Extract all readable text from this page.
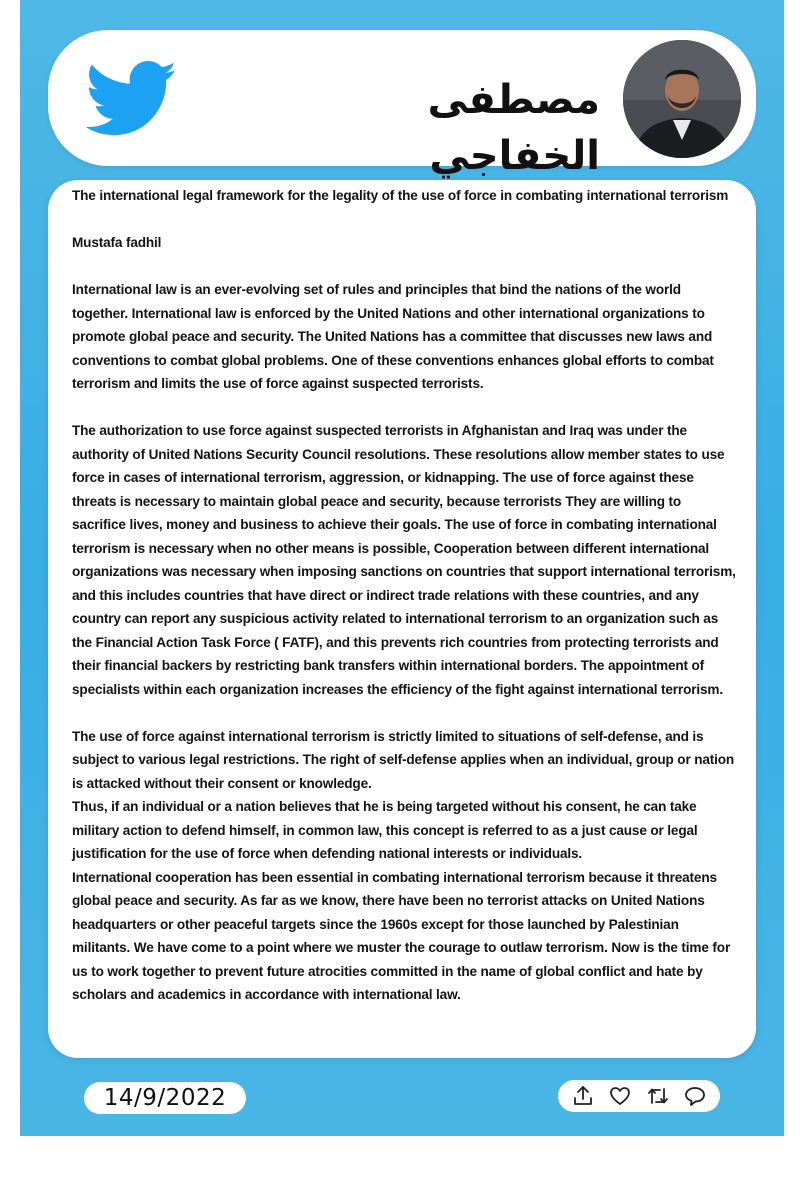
مصطفى الخفاجي

The international legal framework for the legality of the use of force in combating international terrorism

Mustafa fadhil

International law is an ever-evolving set of rules and principles that bind the nations of the world together. International law is enforced by the United Nations and other international organizations to promote global peace and security. The United Nations has a committee that discusses new laws and conventions to combat global problems. One of these conventions enhances global efforts to combat terrorism and limits the use of force against suspected terrorists.

The authorization to use force against suspected terrorists in Afghanistan and Iraq was under the authority of United Nations Security Council resolutions. These resolutions allow member states to use force in cases of international terrorism, aggression, or kidnapping. The use of force against these threats is necessary to maintain global peace and security, because terrorists They are willing to sacrifice lives, money and business to achieve their goals. The use of force in combating international terrorism is necessary when no other means is possible, Cooperation between different international organizations was necessary when imposing sanctions on countries that support international terrorism, and this includes countries that have direct or indirect trade relations with these countries, and any country can report any suspicious activity related to international terrorism to an organization such as the Financial Action Task Force ( FATF), and this prevents rich countries from protecting terrorists and their financial backers by restricting bank transfers within international borders. The appointment of specialists within each organization increases the efficiency of the fight against international terrorism.

The use of force against international terrorism is strictly limited to situations of self-defense, and is subject to various legal restrictions. The right of self-defense applies when an individual, group or nation is attacked without their consent or knowledge.

Thus, if an individual or a nation believes that he is being targeted without his consent, he can take military action to defend himself, in common law, this concept is referred to as a just cause or legal justification for the use of force when defending national interests or individuals.

International cooperation has been essential in combating international terrorism because it threatens global peace and security. As far as we know, there have been no terrorist attacks on United Nations headquarters or other peaceful targets since the 1960s except for those launched by Palestinian militants. We have come to a point where we muster the courage to outlaw terrorism. Now is the time for us to work together to prevent future atrocities committed in the name of global conflict and hate by scholars and academics in accordance with international law.

14/9/2022
